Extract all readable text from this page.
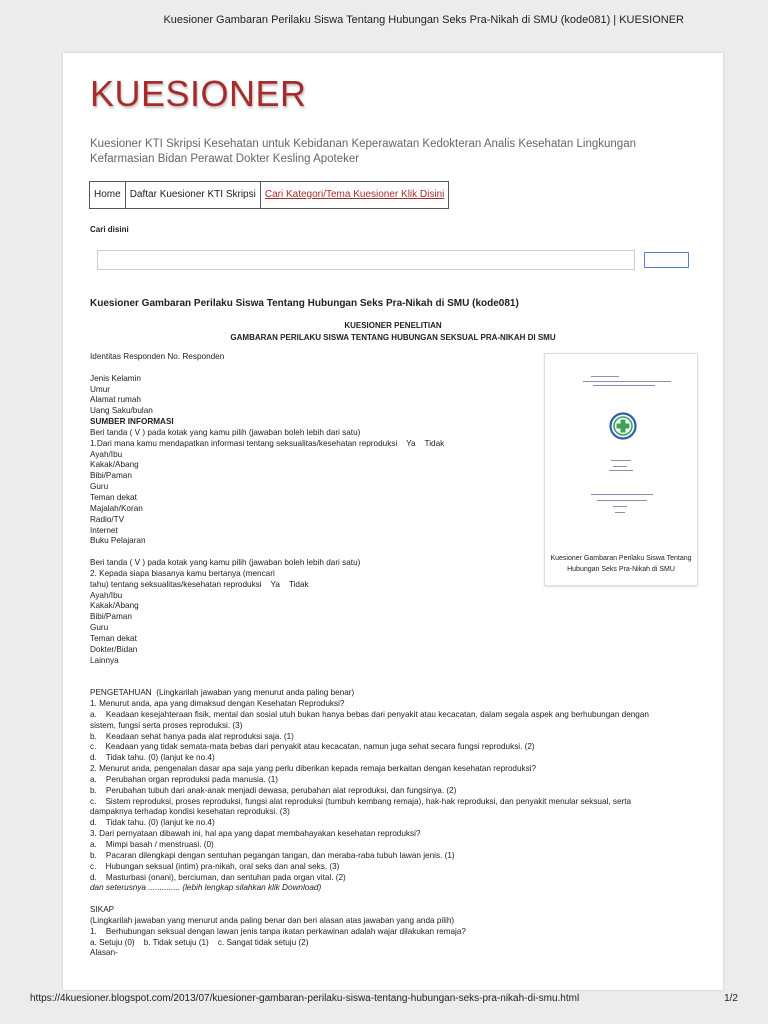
Kuesioner Gambaran Perilaku Siswa Tentang Hubungan Seks Pra-Nikah di SMU (kode081) | KUESIONER
KUESIONER
Kuesioner KTI Skripsi Kesehatan untuk Kebidanan Keperawatan Kedokteran Analis Kesehatan Lingkungan Kefarmasian Bidan Perawat Dokter Kesling Apoteker
Home Daftar Kuesioner KTI Skripsi Cari Kategori/Tema Kuesioner Klik Disini
Cari disini
Kuesioner Gambaran Perilaku Siswa Tentang Hubungan Seks Pra-Nikah di SMU (kode081)
KUESIONER PENELITIAN
GAMBARAN PERILAKU SISWA TENTANG HUBUNGAN SEKSUAL PRA-NIKAH DI SMU
Kuesioner Gambaran Perilaku Siswa Tentang Hubungan Seks Pra-Nikah di SMU

Identitas Responden No. Responden

Jenis Kelamin

Umur

Alamat rumah

Uang Saku/bulan

SUMBER INFORMASI

Beri tanda ( V ) pada kotak yang kamu pilih (jawaban boleh lebih dari satu)

1.Dari mana kamu mendapatkan informasi tentang seksualitas/kesehatan reproduksi    Ya    Tidak

Ayah/Ibu

Kakak/Abang

Bibi/Paman

Guru

Teman dekat

Majalah/Koran

Radio/TV

Internet

Buku Pelajaran

Beri tanda ( V ) pada kotak yang kamu pilih (jawaban boleh lebih dari satu)

2. Kepada siapa biasanya kamu bertanya (mencari

tahu) tentang seksualitas/kesehatan reproduksi    Ya    Tidak

Ayah/Ibu

Kakak/Abang

Bibi/Paman

Guru

Teman dekat

Dokter/Bidan

Lainnya

PENGETAHUAN  (Lingkarilah jawaban yang menurut anda paling benar)

1. Menurut anda, apa yang dimaksud dengan Kesehatan Reproduksi?

a.    Keadaan kesejahteraan fisik, mental dan sosial utuh bukan hanya bebas dari penyakit atau kecacatan, dalam segala aspek ang berhubungan dengan

sistem, fungsi serta proses reproduksi. (3)

b.    Keadaan sehat hanya pada alat reproduksi saja. (1)

c.    Keadaan yang tidak semata-mata bebas dari penyakit atau kecacatan, namun juga sehat secara fungsi reproduksi. (2)

d.    Tidak tahu. (0) (lanjut ke no.4)

2. Menurut anda, pengenalan dasar apa saja yang perlu diberikan kepada remaja berkaitan dengan kesehatan reproduksi?

a.    Perubahan organ reproduksi pada manusia. (1)

b.    Perubahan tubuh dari anak-anak menjadi dewasa, perubahan alat reproduksi, dan fungsinya. (2)

c.    Sistem reproduksi, proses reproduksi, fungsi alat reproduksi (tumbuh kembang remaja), hak-hak reproduksi, dan penyakit menular seksual, serta

dampaknya terhadap kondisi kesehatan reproduksi. (3)

d.    Tidak tahu. (0) (lanjut ke no.4)

3. Dari pernyataan dibawah ini, hal apa yang dapat membahayakan kesehatan reproduksi?

a.    Mimpi basah / menstruasi. (0)

b.    Pacaran dilengkapi dengan sentuhan pegangan tangan, dan meraba-raba tubuh lawan jenis. (1)

c.    Hubungan seksual (intim) pra-nikah, oral seks dan anal seks. (3)

d.    Masturbasi (onani), berciuman, dan sentuhan pada organ vital. (2)

dan seterusnya .............. (lebih lengkap silahkan klik Download)

SIKAP

(Lingkarilah jawaban yang menurut anda paling benar dan beri alasan atas jawaban yang anda pilih)

1.    Berhubungan seksual dengan lawan jenis tanpa ikatan perkawinan adalah wajar dilakukan remaja?

a. Setuju (0)    b. Tidak setuju (1)    c. Sangat tidak setuju (2)

Alasan-

https://4kuesioner.blogspot.com/2013/07/kuesioner-gambaran-perilaku-siswa-tentang-hubungan-seks-pra-nikah-di-smu.html	1/2
